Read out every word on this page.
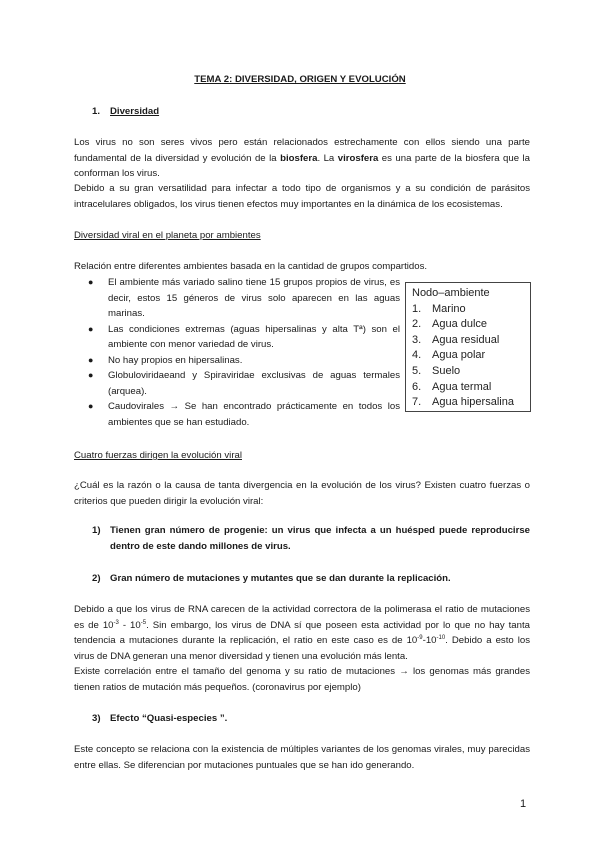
TEMA 2: DIVERSIDAD, ORIGEN Y EVOLUCIÓN
1. Diversidad
Los virus no son seres vivos pero están relacionados estrechamente con ellos siendo una parte fundamental de la diversidad y evolución de la biosfera. La virosfera es una parte de la biosfera que la conforman los virus.
Debido a su gran versatilidad para infectar a todo tipo de organismos y a su condición de parásitos intracelulares obligados, los virus tienen efectos muy importantes en la dinámica de los ecosistemas.
Diversidad viral en el planeta por ambientes
Relación entre diferentes ambientes basada en la cantidad de grupos compartidos.
● El ambiente más variado salino tiene 15 grupos propios de virus, es decir, estos 15 géneros de virus solo aparecen en las aguas marinas.
● Las condiciones extremas (aguas hipersalinas y alta Tª) son el ambiente con menor variedad de virus.
● No hay propios en hipersalinas.
● Globuloviridaeand y Spiraviridae exclusivas de aguas termales (arquea).
● Caudovirales → Se han encontrado prácticamente en todos los ambientes que se han estudiado.
Nodo–ambiente
1. Marino
2. Agua dulce
3. Agua residual
4. Agua polar
5. Suelo
6. Agua termal
7. Agua hipersalina
Cuatro fuerzas dirigen la evolución viral
¿Cuál es la razón o la causa de tanta divergencia en la evolución de los virus? Existen cuatro fuerzas o criterios que pueden dirigir la evolución viral:
1) Tienen gran número de progenie: un virus que infecta a un huésped puede reproducirse dentro de este dando millones de virus.
2) Gran número de mutaciones y mutantes que se dan durante la replicación.
Debido a que los virus de RNA carecen de la actividad correctora de la polimerasa el ratio de mutaciones es de $10^{-3} - 10^{-5}$. Sin embargo, los virus de DNA sí que poseen esta actividad por lo que no hay tanta tendencia a mutaciones durante la replicación, el ratio en este caso es de $10^{-9}-10^{-10}$. Debido a esto los virus de DNA generan una menor diversidad y tienen una evolución más lenta.
Existe correlación entre el tamaño del genoma y su ratio de mutaciones → los genomas más grandes tienen ratios de mutación más pequeños. (coronavirus por ejemplo)
3) Efecto “Quasi-especies ”.
Este concepto se relaciona con la existencia de múltiples variantes de los genomas virales, muy parecidas entre ellas. Se diferencian por mutaciones puntuales que se han ido generando.
1
